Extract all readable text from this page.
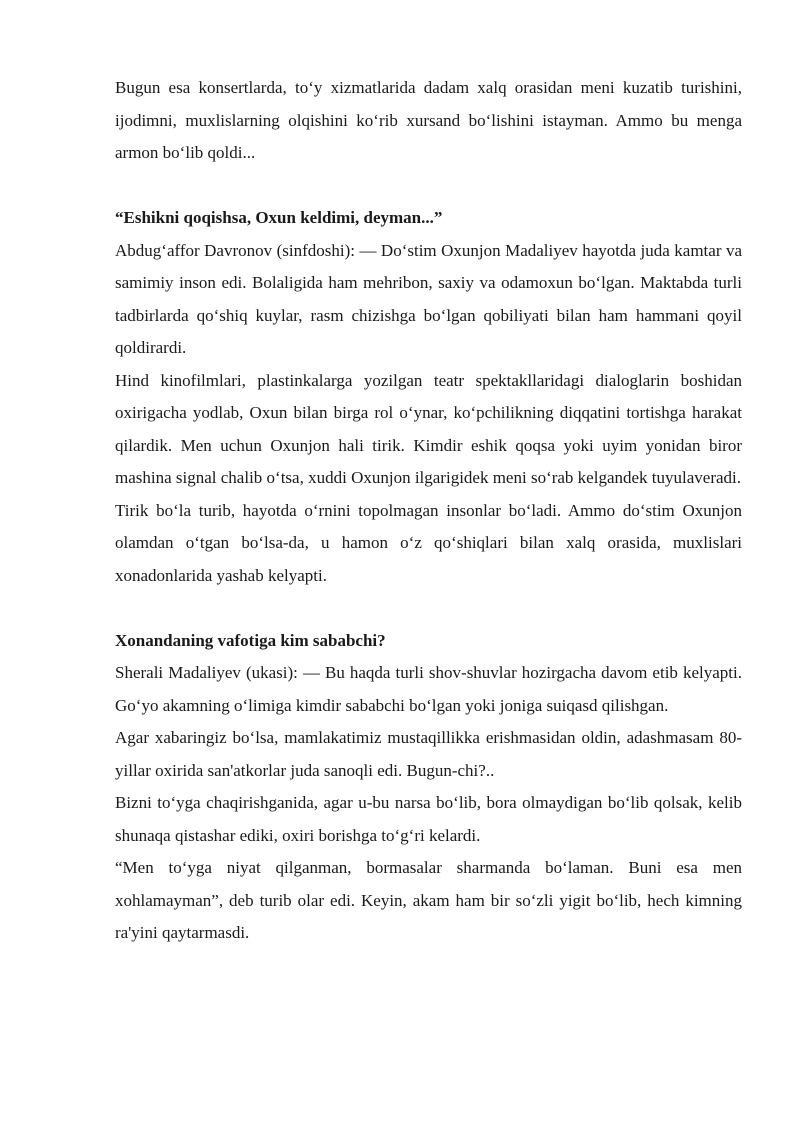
Bugun esa konsertlarda, to‘y xizmatlarida dadam xalq orasidan meni kuzatib turishini, ijodimni, muxlislarning olqishini ko‘rib xursand bo‘lishini istayman. Ammo bu menga armon bo‘lib qoldi...

“Eshikni qoqishsa, Oxun keldimi, deyman...”

Abdug‘affor Davronov (sinfdoshi): — Do‘stim Oxunjon Madaliyev hayotda juda kamtar va samimiy inson edi. Bolaligida ham mehribon, saxiy va odamoxun bo‘lgan. Maktabda turli tadbirlarda qo‘shiq kuylar, rasm chizishga bo‘lgan qobiliyati bilan ham hammani qoyil qoldirardi.

Hind kinofilmlari, plastinkalarga yozilgan teatr spektakllaridagi dialoglarin boshidan oxirigacha yodlab, Oxun bilan birga rol o‘ynar, ko‘pchilikning diqqatini tortishga harakat qilardik. Men uchun Oxunjon hali tirik. Kimdir eshik qoqsa yoki uyim yonidan biror mashina signal chalib o‘tsa, xuddi Oxunjon ilgarigidek meni so‘rab kelgandek tuyulaveradi.

Tirik bo‘la turib, hayotda o‘rnini topolmagan insonlar bo‘ladi. Ammo do‘stim Oxunjon olamdan o‘tgan bo‘lsa-da, u hamon o‘z qo‘shiqlari bilan xalq orasida, muxlislari xonadonlarida yashab kelyapti.

Xonandaning vafotiga kim sababchi?

Sherali Madaliyev (ukasi): — Bu haqda turli shov-shuvlar hozirgacha davom etib kelyapti. Go‘yo akamning o‘limiga kimdir sababchi bo‘lgan yoki joniga suiqasd qilishgan.

Agar xabaringiz bo‘lsa, mamlakatimiz mustaqillikka erishmasidan oldin, adashmasam 80-yillar oxirida san'atkorlar juda sanoqli edi. Bugun-chi?..

Bizni to‘yga chaqirishganida, agar u-bu narsa bo‘lib, bora olmaydigan bo‘lib qolsak, kelib shunaqa qistashar ediki, oxiri borishga to‘g‘ri kelardi.

“Men to‘yga niyat qilganman, bormasalar sharmanda bo‘laman. Buni esa men xohlamayman”, deb turib olar edi. Keyin, akam ham bir so‘zli yigit bo‘lib, hech kimning ra'yini qaytarmasdi.
